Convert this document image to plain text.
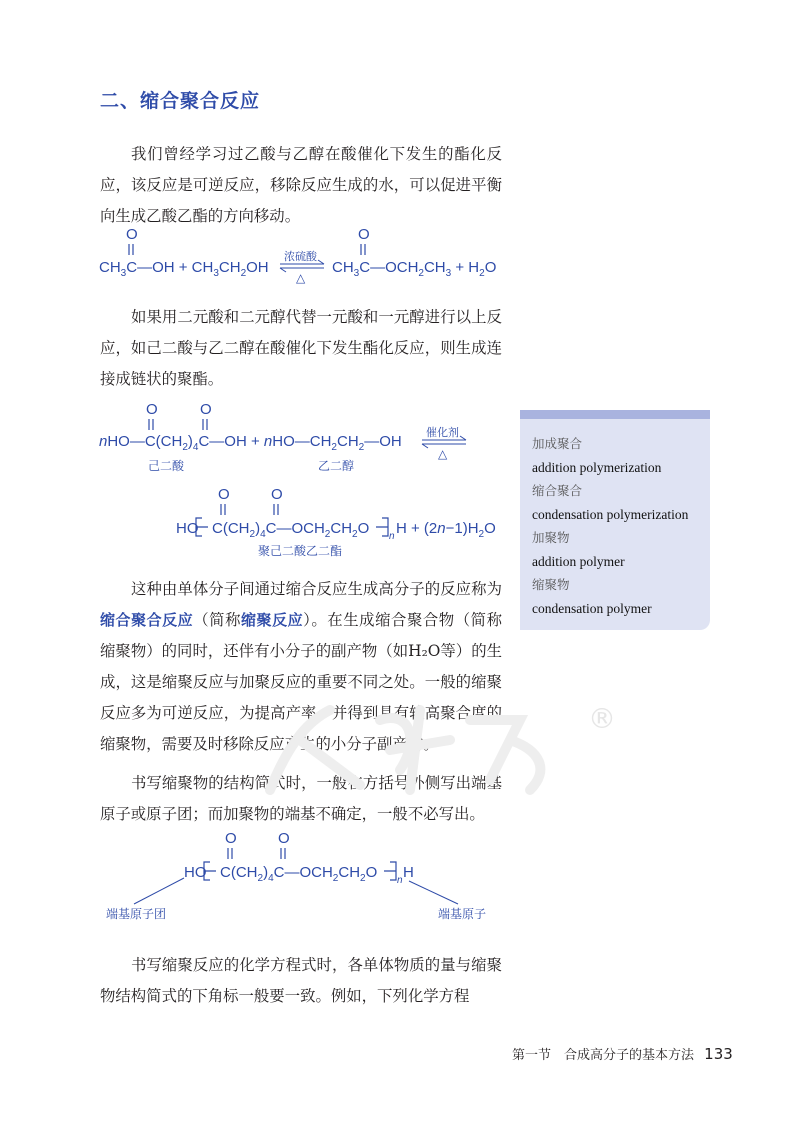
二、缩合聚合反应

我们曾经学习过乙酸与乙醇在酸催化下发生的酯化反应，该反应是可逆反应，移除反应生成的水，可以促进平衡向生成乙酸乙酯的方向移动。

O
$CH_3C—OH + CH_3CH_2OH$
浓硫酸
△
O
$CH_3C—OCH_2CH_3 + H_2O$

如果用二元酸和二元醇代替一元酸和一元醇进行以上反应，如己二酸与乙二醇在酸催化下发生酯化反应，则生成连接成链状的聚酯。

O	O
$nHO—C(CH_2)_4C—OH$ + $nHO—CH_2CH_2—OH$
催化剂
△
己二酸	乙二醇
O	O
HO $C(CH_2)_4C—OCH_2CH_2O$ n $H + (2n-1)H_2O$
聚己二酸乙二酯

这种由单体分子间通过缩合反应生成高分子的反应称为缩合聚合反应（简称缩聚反应）。在生成缩合聚合物（简称缩聚物）的同时，还伴有小分子的副产物（如H₂O等）的生成，这是缩聚反应与加聚反应的重要不同之处。一般的缩聚反应多为可逆反应，为提高产率，并得到具有较高聚合度的缩聚物，需要及时移除反应产生的小分子副产物。

书写缩聚物的结构简式时，一般在方括号外侧写出端基原子或原子团；而加聚物的端基不确定，一般不必写出。

O	O
HO $C(CH_2)_4C—OCH_2CH_2O$ n H
端基原子团	端基原子

书写缩聚反应的化学方程式时，各单体物质的量与缩聚物结构简式的下角标一般要一致。例如，下列化学方程

加成聚合
addition polymerization
缩合聚合
condensation polymerization
加聚物
addition polymer
缩聚物
condensation polymer
®
第一节　合成高分子的基本方法 133
